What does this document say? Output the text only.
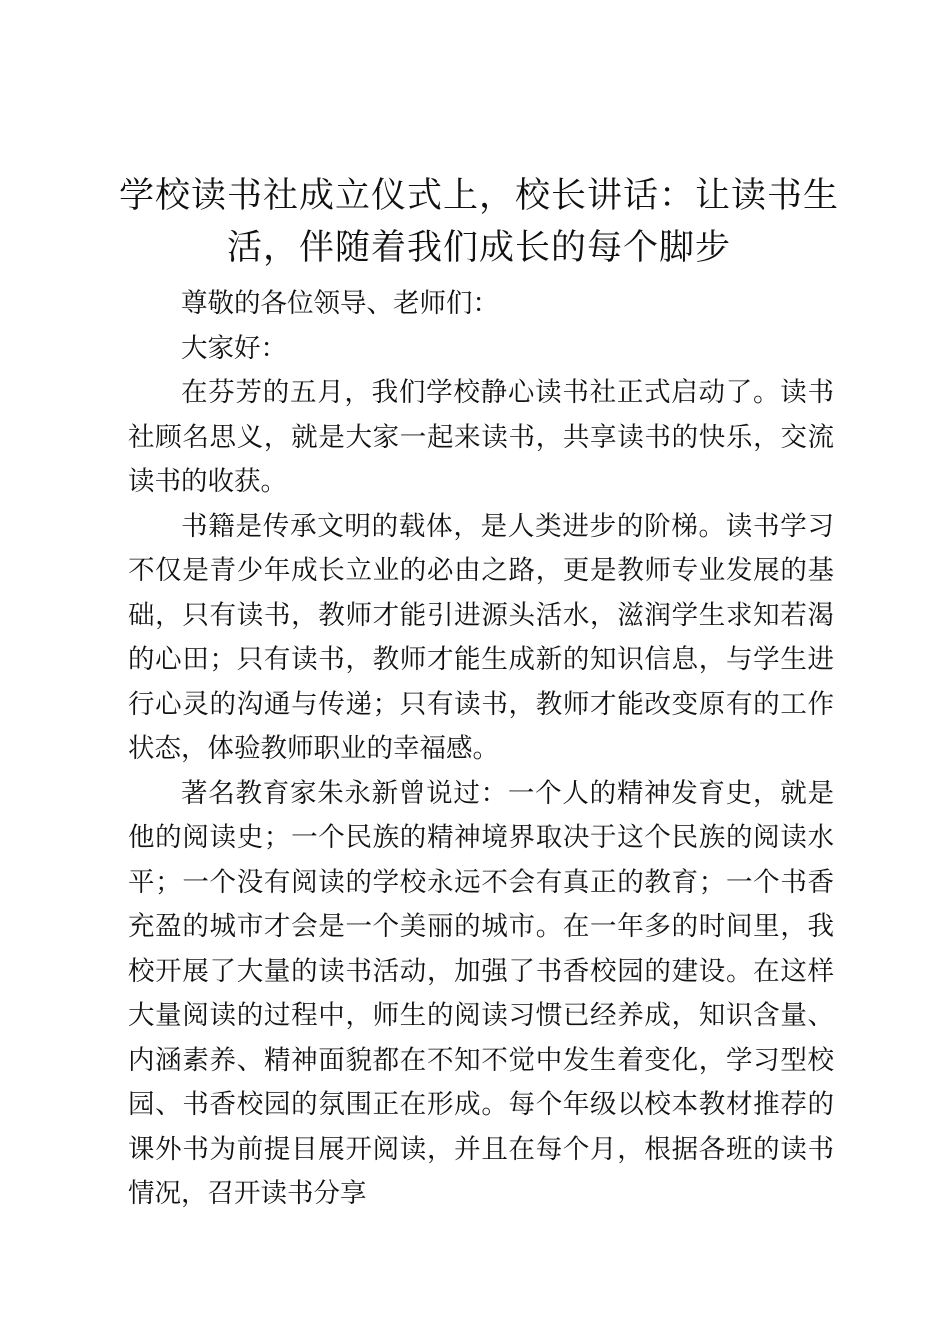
学校读书社成立仪式上，校长讲话：让读书生活，伴随着我们成长的每个脚步

尊敬的各位领导、老师们：

大家好：

在芬芳的五月，我们学校静心读书社正式启动了。读书社顾名思义，就是大家一起来读书，共享读书的快乐，交流读书的收获。

书籍是传承文明的载体，是人类进步的阶梯。读书学习不仅是青少年成长立业的必由之路，更是教师专业发展的基础，只有读书，教师才能引进源头活水，滋润学生求知若渴的心田；只有读书，教师才能生成新的知识信息，与学生进行心灵的沟通与传递；只有读书，教师才能改变原有的工作状态，体验教师职业的幸福感。

著名教育家朱永新曾说过：一个人的精神发育史，就是他的阅读史；一个民族的精神境界取决于这个民族的阅读水平；一个没有阅读的学校永远不会有真正的教育；一个书香充盈的城市才会是一个美丽的城市。在一年多的时间里，我校开展了大量的读书活动，加强了书香校园的建设。在这样大量阅读的过程中，师生的阅读习惯已经养成，知识含量、内涵素养、精神面貌都在不知不觉中发生着变化，学习型校园、书香校园的氛围正在形成。每个年级以校本教材推荐的课外书为前提目展开阅读，并且在每个月，根据各班的读书情况，召开读书分享
